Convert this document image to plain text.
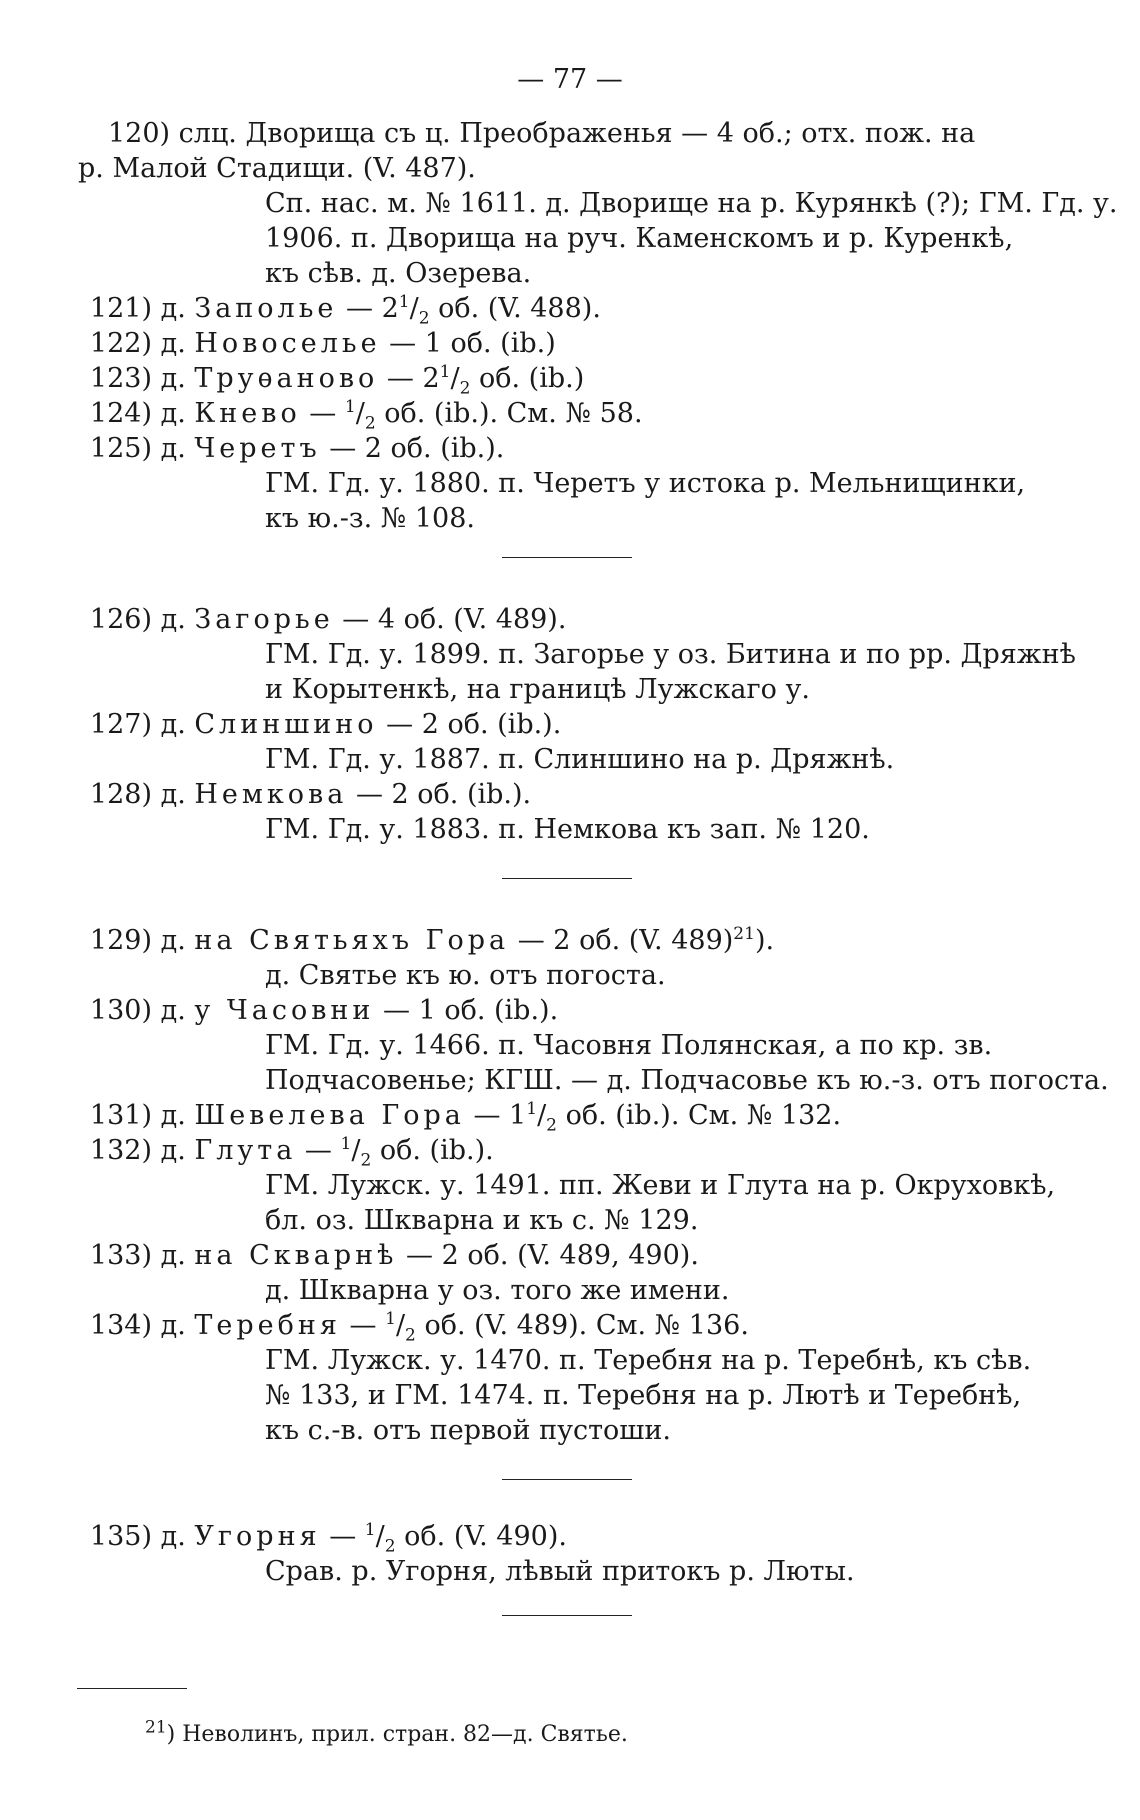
— 77 —
120) слц. Дворища съ ц. Преображенья — 4 об.; отх. пож. на
р. Малой Стадищи. (V. 487).
Сп. нас. м. № 1611. д. Дворище на р. Курянкѣ (?); ГМ. Гд. у.
1906. п. Дворища на руч. Каменскомъ и р. Куренкѣ,
къ сѣв. д. Озерева.
121) д. Заполье — $2^1/_2$ об. (V. 488).
122) д. Новоселье — 1 об. (ib.)
123) д. Труѳаново — $2^1/_2$ об. (ib.)
124) д. Кнево — $^1/_2$ об. (ib.). См. № 58.
125) д. Черетъ — 2 об. (ib.).
ГМ. Гд. у. 1880. п. Черетъ у истока р. Мельнищинки,
къ ю.-з. № 108.
126) д. Загорье — 4 об. (V. 489).
ГМ. Гд. у. 1899. п. Загорье у оз. Битина и по рр. Дряжнѣ
и Корытенкѣ, на границѣ Лужскаго у.
127) д. Слиншино — 2 об. (ib.).
ГМ. Гд. у. 1887. п. Слиншино на р. Дряжнѣ.
128) д. Немкова — 2 об. (ib.).
ГМ. Гд. у. 1883. п. Немкова къ зап. № 120.
129) д. на Святьяхъ Гора — 2 об. (V. 489)$^{21}$).
д. Святье къ ю. отъ погоста.
130) д. у Часовни — 1 об. (ib.).
ГМ. Гд. у. 1466. п. Часовня Полянская, а по кр. зв.
Подчасовенье; КГШ. — д. Подчасовье къ ю.-з. отъ погоста.
131) д. Шевелева Гора — $1^1/_2$ об. (ib.). См. № 132.
132) д. Глута — $^1/_2$ об. (ib.).
ГМ. Лужск. у. 1491. пп. Жеви и Глута на р. Окруховкѣ,
бл. оз. Шкварна и къ с. № 129.
133) д. на Скварнѣ — 2 об. (V. 489, 490).
д. Шкварна у оз. того же имени.
134) д. Теребня — $^1/_2$ об. (V. 489). См. № 136.
ГМ. Лужск. у. 1470. п. Теребня на р. Теребнѣ, къ сѣв.
№ 133, и ГМ. 1474. п. Теребня на р. Лютѣ и Теребнѣ,
къ с.-в. отъ первой пустоши.
135) д. Угорня — $^1/_2$ об. (V. 490).
Срав. р. Угорня, лѣвый притокъ р. Люты.
$^{21}$) Неволинъ, прил. стран. 82—д. Святье.
